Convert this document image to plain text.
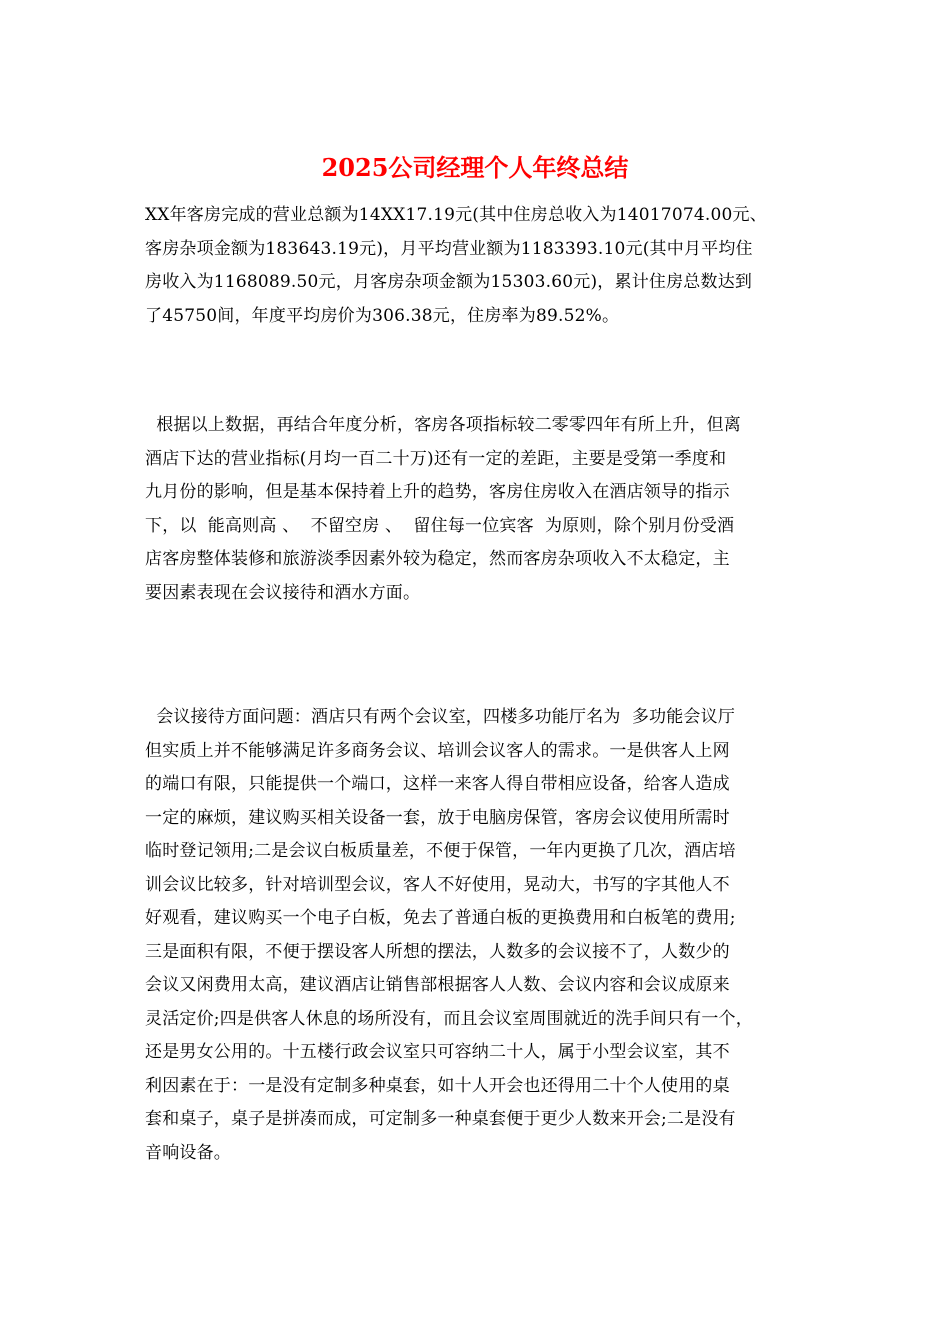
2025公司经理个人年终总结
XX年客房完成的营业总额为14XX17.19元(其中住房总收入为14017074.00元、
客房杂项金额为183643.19元)，月平均营业额为1183393.10元(其中月平均住
房收入为1168089.50元，月客房杂项金额为15303.60元)，累计住房总数达到
了45750间，年度平均房价为306.38元，住房率为89.52%。
根据以上数据，再结合年度分析，客房各项指标较二零零四年有所上升，但离
酒店下达的营业指标(月均一百二十万)还有一定的差距，主要是受第一季度和
九月份的影响，但是基本保持着上升的趋势，客房住房收入在酒店领导的指示
下，以  能高则高 、  不留空房 、  留住每一位宾客  为原则，除个别月份受酒
店客房整体装修和旅游淡季因素外较为稳定，然而客房杂项收入不太稳定，主
要因素表现在会议接待和酒水方面。
会议接待方面问题：酒店只有两个会议室，四楼多功能厅名为  多功能会议厅
但实质上并不能够满足许多商务会议、培训会议客人的需求。一是供客人上网
的端口有限，只能提供一个端口，这样一来客人得自带相应设备，给客人造成
一定的麻烦，建议购买相关设备一套，放于电脑房保管，客房会议使用所需时
临时登记领用;二是会议白板质量差，不便于保管，一年内更换了几次，酒店培
训会议比较多，针对培训型会议，客人不好使用，晃动大，书写的字其他人不
好观看，建议购买一个电子白板，免去了普通白板的更换费用和白板笔的费用;
三是面积有限，不便于摆设客人所想的摆法，人数多的会议接不了，人数少的
会议又闲费用太高，建议酒店让销售部根据客人人数、会议内容和会议成原来
灵活定价;四是供客人休息的场所没有，而且会议室周围就近的洗手间只有一个，
还是男女公用的。十五楼行政会议室只可容纳二十人，属于小型会议室，其不
利因素在于：一是没有定制多种桌套，如十人开会也还得用二十个人使用的桌
套和桌子，桌子是拼凑而成，可定制多一种桌套便于更少人数来开会;二是没有
音响设备。
